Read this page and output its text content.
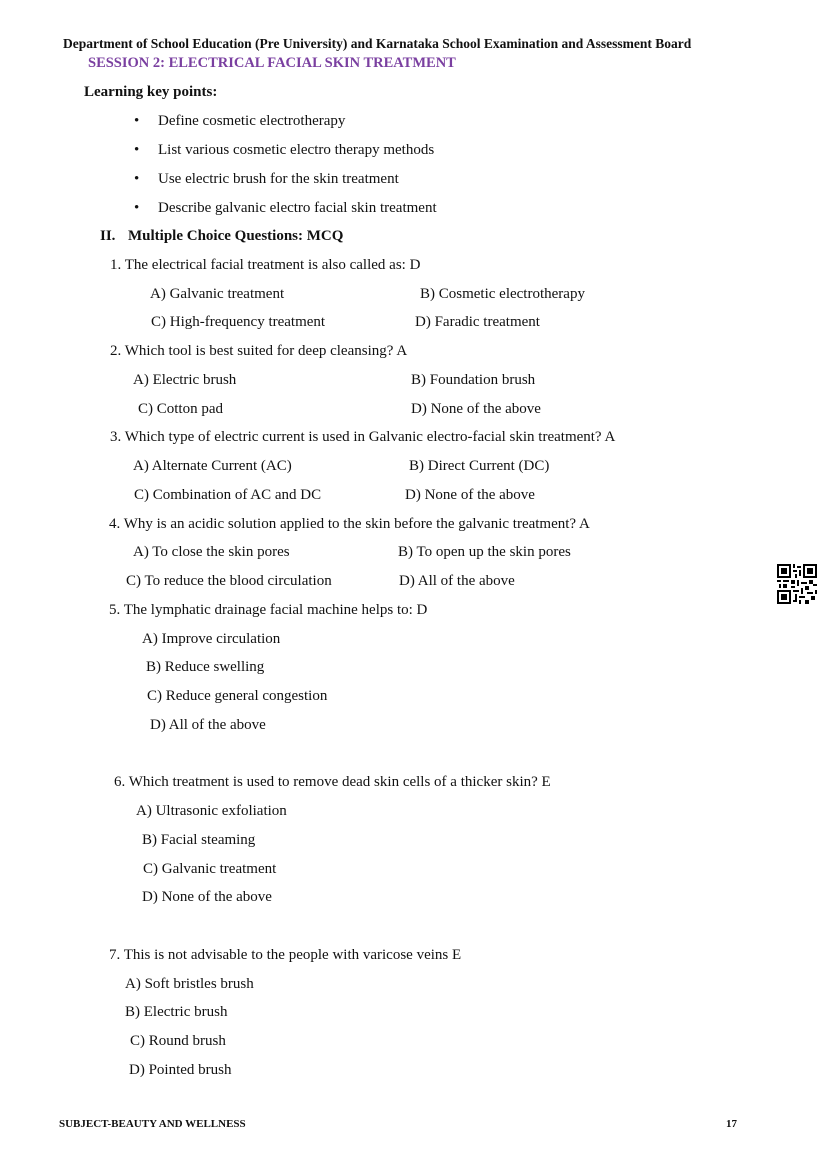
Department of School Education (Pre University) and Karnataka School Examination and Assessment Board
SESSION 2: ELECTRICAL FACIAL SKIN TREATMENT
Learning key points:
• Define cosmetic electrotherapy
• List various cosmetic electro therapy methods
• Use electric brush for the skin treatment
• Describe galvanic electro facial skin treatment
II. Multiple Choice Questions: MCQ
1. The electrical facial treatment is also called as: D
A) Galvanic treatment	B) Cosmetic electrotherapy
C) High-frequency treatment	D) Faradic treatment
2. Which tool is best suited for deep cleansing? A
A) Electric brush	B) Foundation brush
C) Cotton pad	D) None of the above
3. Which type of electric current is used in Galvanic electro-facial skin treatment? A
A) Alternate Current (AC)	B) Direct Current (DC)
C) Combination of AC and DC	D) None of the above
4. Why is an acidic solution applied to the skin before the galvanic treatment? A
A) To close the skin pores	B) To open up the skin pores
C) To reduce the blood circulation	D) All of the above
5. The lymphatic drainage facial machine helps to: D
A) Improve circulation
B) Reduce swelling
C) Reduce general congestion
D) All of the above
6. Which treatment is used to remove dead skin cells of a thicker skin? E
A) Ultrasonic exfoliation
B) Facial steaming
C) Galvanic treatment
D) None of the above
7. This is not advisable to the people with varicose veins E
A) Soft bristles brush
B) Electric brush
C) Round brush
D) Pointed brush
SUBJECT-BEAUTY AND WELLNESS	17
